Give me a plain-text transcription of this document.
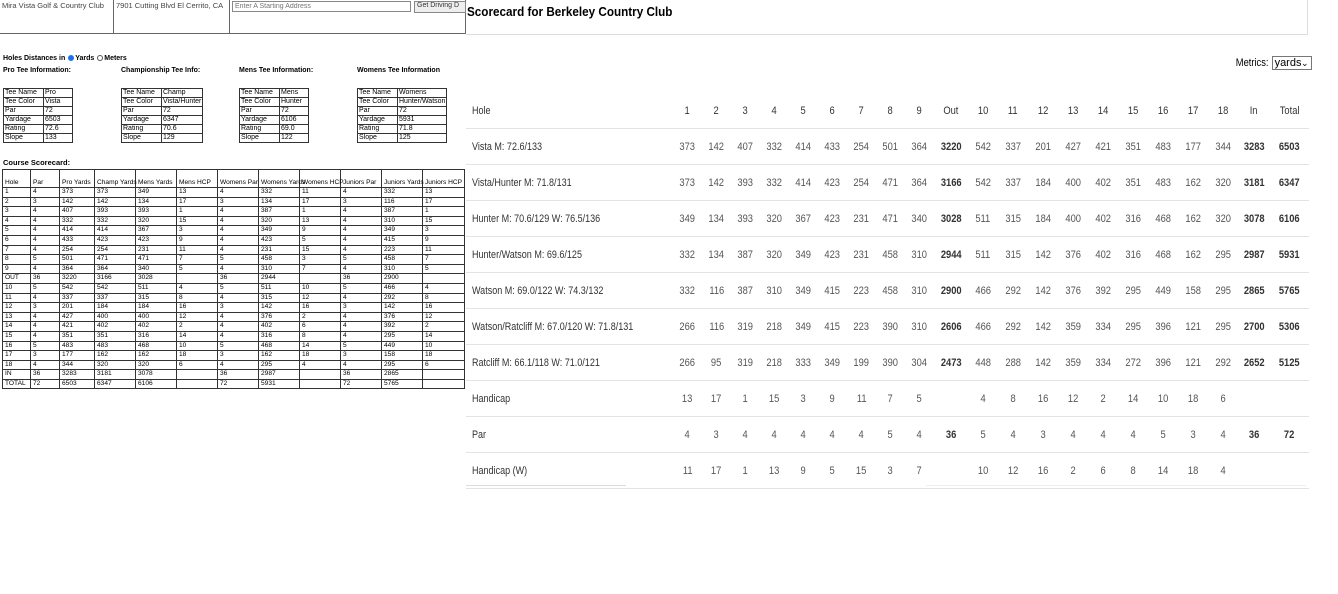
Mira Vista Golf & Country Club	7901 Cutting Blvd El Cerrito, CA
Enter A Starting Address	Get Driving D
Holes Distances in Yards Meters
Pro Tee Information:	Championship Tee Info:	Mens Tee Information:	Womens Tee Information
Tee Name	Pro
Tee Color	Vista
Par	72
Yardage	6503
Rating	72.6
Slope	133
Tee Name	Champ
Tee Color	Vista/Hunter
Par	72
Yardage	6347
Rating	70.6
Slope	129
Tee Name	Mens
Tee Color	Hunter
Par	72
Yardage	6106
Rating	69.0
Slope	122
Tee Name	Womens
Tee Color	Hunter/Watson
Par	72
Yardage	5931
Rating	71.8
Slope	125
Course Scorecard:
Hole	Par	Pro Yards	Champ Yards	Mens Yards	Mens HCP	Womens Par	Womens Yards	Womens HCP	Juniors Par	Juniors Yards	Juniors HCP
1	4	373	373	349	13	4	332	11	4	332	13
2	3	142	142	134	17	3	134	17	3	116	17
3	4	407	393	393	1	4	387	1	4	387	1
4	4	332	332	320	15	4	320	13	4	310	15
5	4	414	414	367	3	4	349	9	4	349	3
6	4	433	423	423	9	4	423	5	4	415	9
7	4	254	254	231	11	4	231	15	4	223	11
8	5	501	471	471	7	5	458	3	5	458	7
9	4	364	364	340	5	4	310	7	4	310	5
OUT	36	3220	3166	3028		36	2944		36	2900	
10	5	542	542	511	4	5	511	10	5	466	4
11	4	337	337	315	8	4	315	12	4	292	8
12	3	201	184	184	16	3	142	16	3	142	16
13	4	427	400	400	12	4	376	2	4	376	12
14	4	421	402	402	2	4	402	6	4	392	2
15	4	351	351	316	14	4	316	8	4	295	14
16	5	483	483	468	10	5	468	14	5	449	10
17	3	177	162	162	18	3	162	18	3	158	18
18	4	344	320	320	6	4	295	4	4	295	6
IN	36	3283	3181	3078		36	2987		36	2865	
TOTAL	72	6503	6347	6106		72	5931		72	5765	
Scorecard for Berkeley Country Club
Metrics: yards ⌄
Hole	1	2	3	4	5	6	7	8	9	Out	10	11	12	13	14	15	16	17	18	In	Total
Vista M: 72.6/133	373	142	407	332	414	433	254	501	364	3220	542	337	201	427	421	351	483	177	344	3283	6503
Vista/Hunter M: 71.8/131	373	142	393	332	414	423	254	471	364	3166	542	337	184	400	402	351	483	162	320	3181	6347
Hunter M: 70.6/129 W: 76.5/136	349	134	393	320	367	423	231	471	340	3028	511	315	184	400	402	316	468	162	320	3078	6106
Hunter/Watson M: 69.6/125	332	134	387	320	349	423	231	458	310	2944	511	315	142	376	402	316	468	162	295	2987	5931
Watson M: 69.0/122 W: 74.3/132	332	116	387	310	349	415	223	458	310	2900	466	292	142	376	392	295	449	158	295	2865	5765
Watson/Ratcliff M: 67.0/120 W: 71.8/131	266	116	319	218	349	415	223	390	310	2606	466	292	142	359	334	295	396	121	295	2700	5306
Ratcliff M: 66.1/118 W: 71.0/121	266	95	319	218	333	349	199	390	304	2473	448	288	142	359	334	272	396	121	292	2652	5125
Handicap	13	17	1	15	3	9	11	7	5		4	8	16	12	2	14	10	18	6		
Par	4	3	4	4	4	4	4	5	4	36	5	4	3	4	4	4	5	3	4	36	72
Handicap (W)	11	17	1	13	9	5	15	3	7		10	12	16	2	6	8	14	18	4		
